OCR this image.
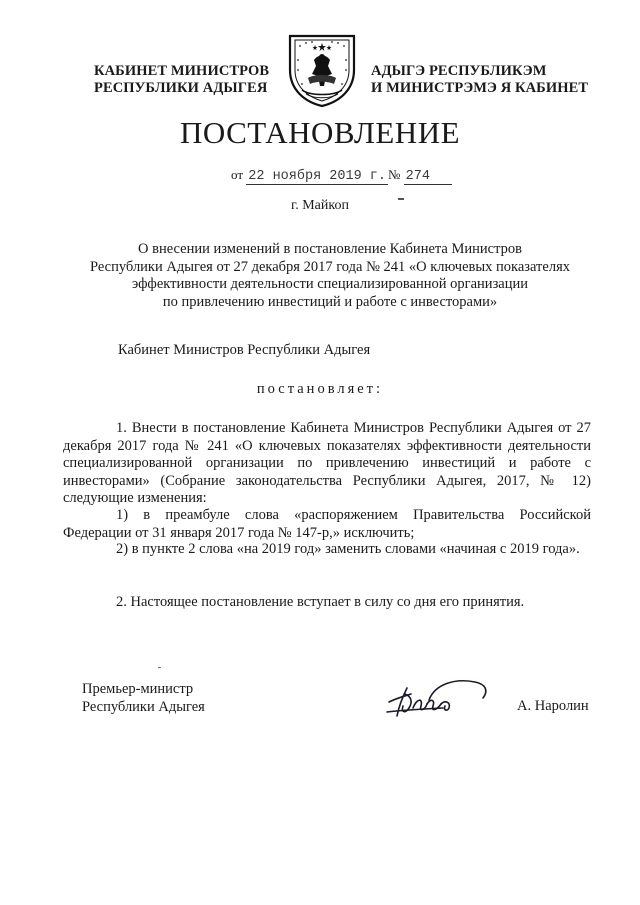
КАБИНЕТ МИНИСТРОВ
РЕСПУБЛИКИ АДЫГЕЯ
АДЫГЭ РЕСПУБЛИКЭМ
И МИНИСТРЭМЭ Я КАБИНЕТ
ПОСТАНОВЛЕНИЕ
от 22 ноября 2019 г. № 274
г. Майкоп
О внесении изменений в постановление Кабинета Министров
Республики Адыгея от 27 декабря 2017 года № 241 «О ключевых показателях
эффективности деятельности специализированной организации
по привлечению инвестиций и работе с инвесторами»
Кабинет Министров Республики Адыгея
постановляет:
1. Внести в постановление Кабинета Министров Республики Адыгея от 27 декабря 2017 года № 241 «О ключевых показателях эффективности деятельности специализированной организации по привлечению инвестиций и работе с инвесторами» (Собрание законодательства Республики Адыгея, 2017, № 12) следующие изменения:
1) в преамбуле слова «распоряжением Правительства Российской Федерации от 31 января 2017 года № 147-р,» исключить;
2) в пункте 2 слова «на 2019 год» заменить словами «начиная с 2019 года».
2. Настоящее постановление вступает в силу со дня его принятия.
Премьер-министр
Республики Адыгея	А. Наролин
